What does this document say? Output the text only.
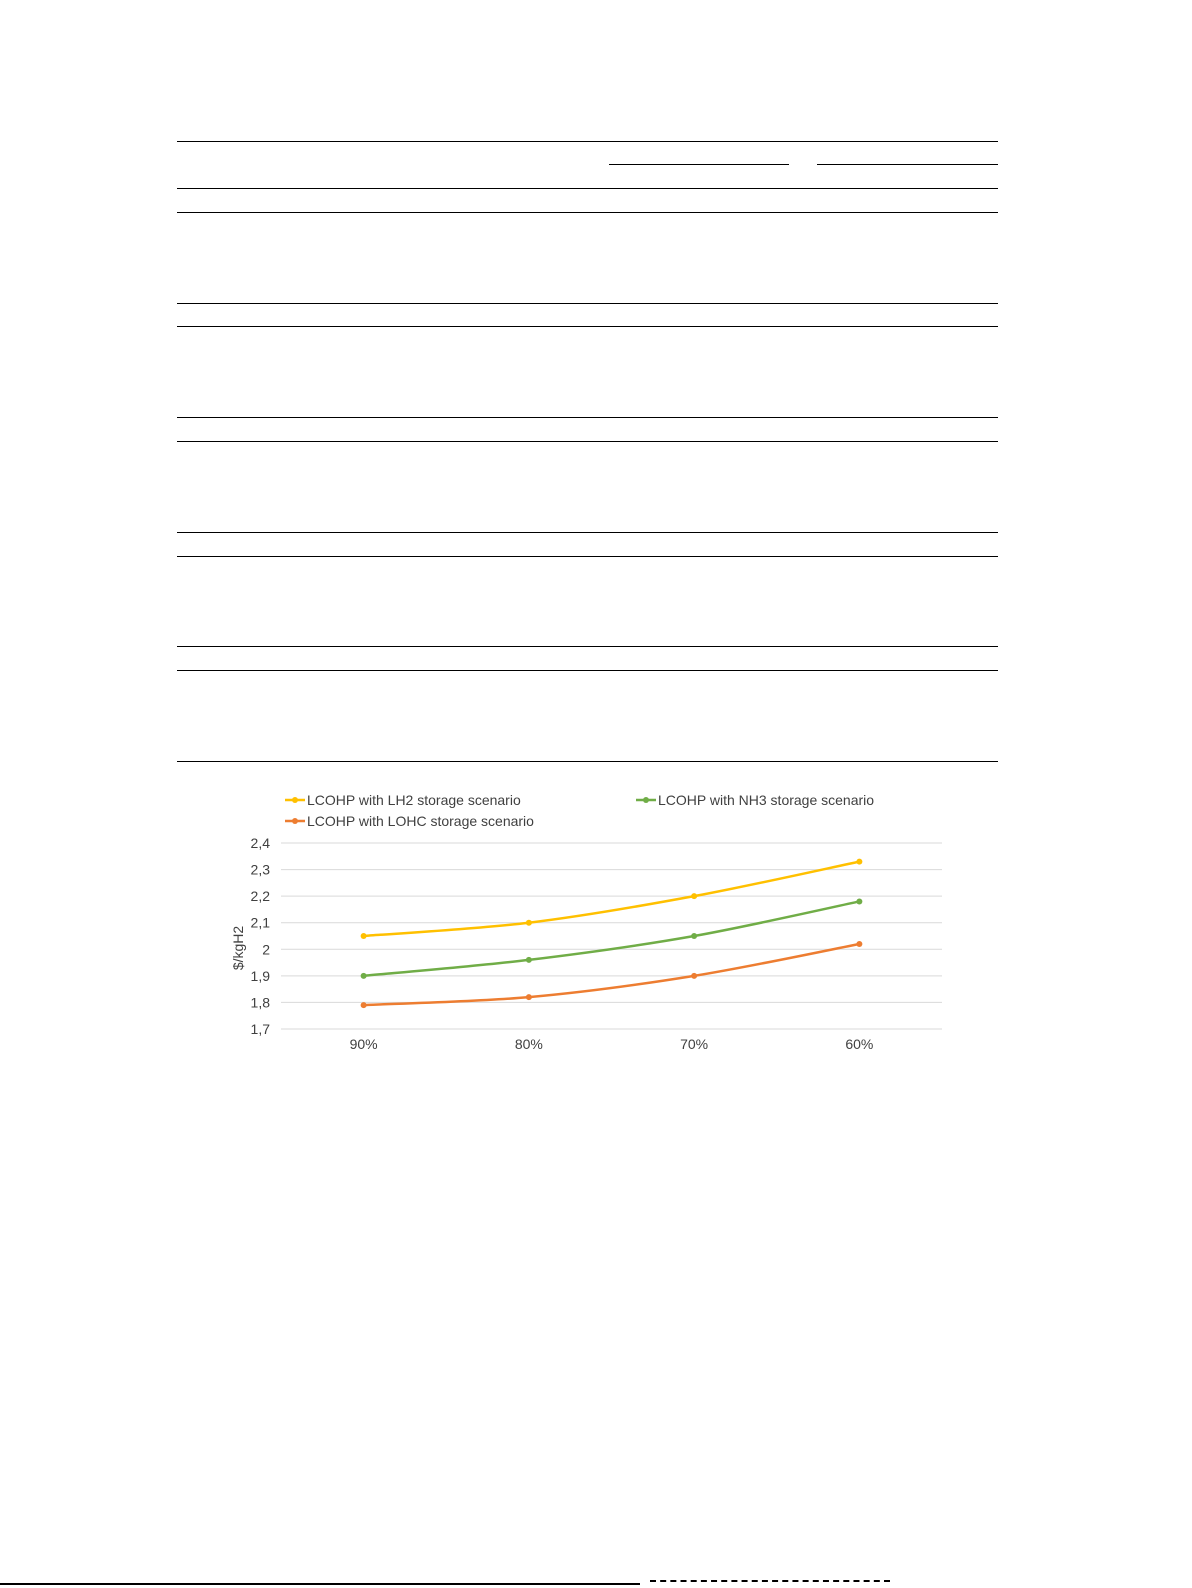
LCOHP with LH2 storage scenario	LCOHP with NH3 storage scenario
LCOHP with LOHC storage scenario
1,7
1,8
1,9
2
2,1
2,2
2,3
2,4
90%	80%	70%	60%
$/kgH2
